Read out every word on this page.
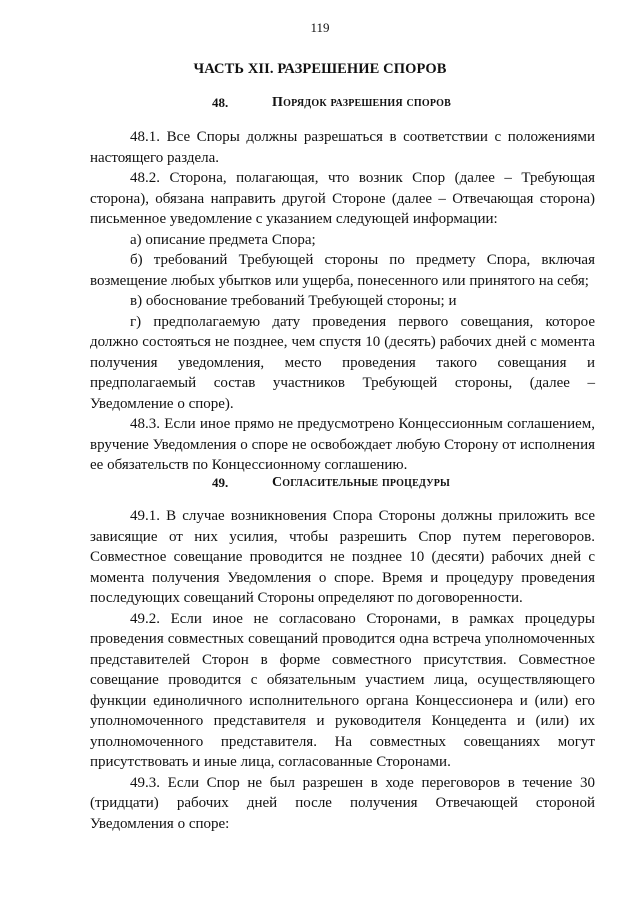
119
ЧАСТЬ XII. РАЗРЕШЕНИЕ СПОРОВ
48.	Порядок разрешения споров

48.1. Все Споры должны разрешаться в соответствии с положениями настоящего раздела.

48.2. Сторона, полагающая, что возник Спор (далее – Требующая сторона), обязана направить другой Стороне (далее – Отвечающая сторона) письменное уведомление с указанием следующей информации:

а) описание предмета Спора;

б) требований Требующей стороны по предмету Спора, включая возмещение любых убытков или ущерба, понесенного или принятого на себя;

в) обоснование требований Требующей стороны; и

г) предполагаемую дату проведения первого совещания, которое должно состояться не позднее, чем спустя 10 (десять) рабочих дней с момента получения уведомления, место проведения такого совещания и предполагаемый состав участников Требующей стороны, (далее – Уведомление о споре).

48.3. Если иное прямо не предусмотрено Концессионным соглашением, вручение Уведомления о споре не освобождает любую Сторону от исполнения ее обязательств по Концессионному соглашению.

49.	Согласительные процедуры

49.1. В случае возникновения Спора Стороны должны приложить все зависящие от них усилия, чтобы разрешить Спор путем переговоров. Совместное совещание проводится не позднее 10 (десяти) рабочих дней с момента получения Уведомления о споре. Время и процедуру проведения последующих совещаний Стороны определяют по договоренности.

49.2. Если иное не согласовано Сторонами, в рамках процедуры проведения совместных совещаний проводится одна встреча уполномоченных представителей Сторон в форме совместного присутствия. Совместное совещание проводится с обязательным участием лица, осуществляющего функции единоличного исполнительного органа Концессионера и (или) его уполномоченного представителя и руководителя Концедента и (или) их уполномоченного представителя. На совместных совещаниях могут присутствовать и иные лица, согласованные Сторонами.

49.3. Если Спор не был разрешен в ходе переговоров в течение 30 (тридцати) рабочих дней после получения Отвечающей стороной Уведомления о споре:
